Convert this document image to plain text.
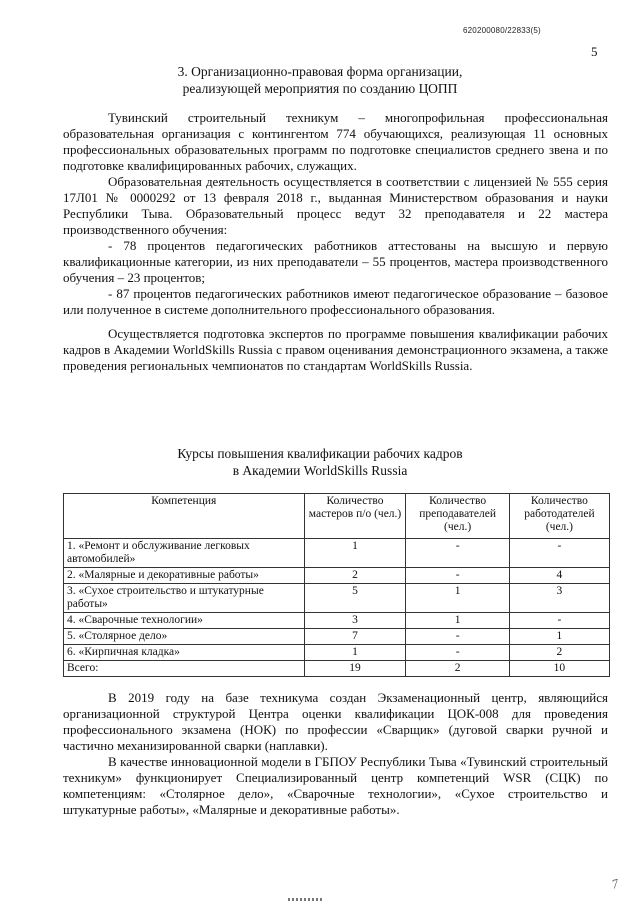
620200080/22833(5)
5
3. Организационно-правовая форма организации,
реализующей мероприятия по созданию ЦОПП

Тувинский строительный техникум – многопрофильная профессиональная образовательная организация с контингентом 774 обучающихся, реализующая 11 основных профессиональных образовательных программ по подготовке специалистов среднего звена и по подготовке квалифицированных рабочих, служащих.

Образовательная деятельность осуществляется в соответствии с лицензией № 555 серия 17Л01 № 0000292 от 13 февраля 2018 г., выданная Министерством образования и науки Республики Тыва. Образовательный процесс ведут 32 преподавателя и 22 мастера производственного обучения:

- 78 процентов педагогических работников аттестованы на высшую и первую квалификационные категории, из них преподаватели – 55 процентов, мастера производственного обучения – 23 процентов;

- 87 процентов педагогических работников имеют педагогическое образование – базовое или полученное в системе дополнительного профессионального образования.

Осуществляется подготовка экспертов по программе повышения квалификации рабочих кадров в Академии WorldSkills Russia с правом оценивания демонстрационного экзамена, а также проведения региональных чемпионатов по стандартам WorldSkills Russia.

Курсы повышения квалификации рабочих кадров
в Академии WorldSkills Russia
Компетенция	Количество мастеров п/о (чел.)	Количество преподавателей (чел.)	Количество работодателей (чел.)
1. «Ремонт и обслуживание легковых автомобилей»	1	-	-
2. «Малярные и декоративные работы»	2	-	4
3. «Сухое строительство и штукатурные работы»	5	1	3
4. «Сварочные технологии»	3	1	-
5. «Столярное дело»	7	-	1
6. «Кирпичная кладка»	1	-	2
Всего:	19	2	10

В 2019 году на базе техникума создан Экзаменационный центр, являющийся организационной структурой Центра оценки квалификации ЦОК-008 для проведения профессионального экзамена (НОК) по профессии «Сварщик» (дуговой сварки ручной и частично механизированной сварки (наплавки).

В качестве инновационной модели в ГБПОУ Республики Тыва «Тувинский строительный техникум» функционирует Специализированный центр компетенций WSR (СЦК) по компетенциям: «Столярное дело», «Сварочные технологии», «Сухое строительство и штукатурные работы», «Малярные и декоративные работы».

7
